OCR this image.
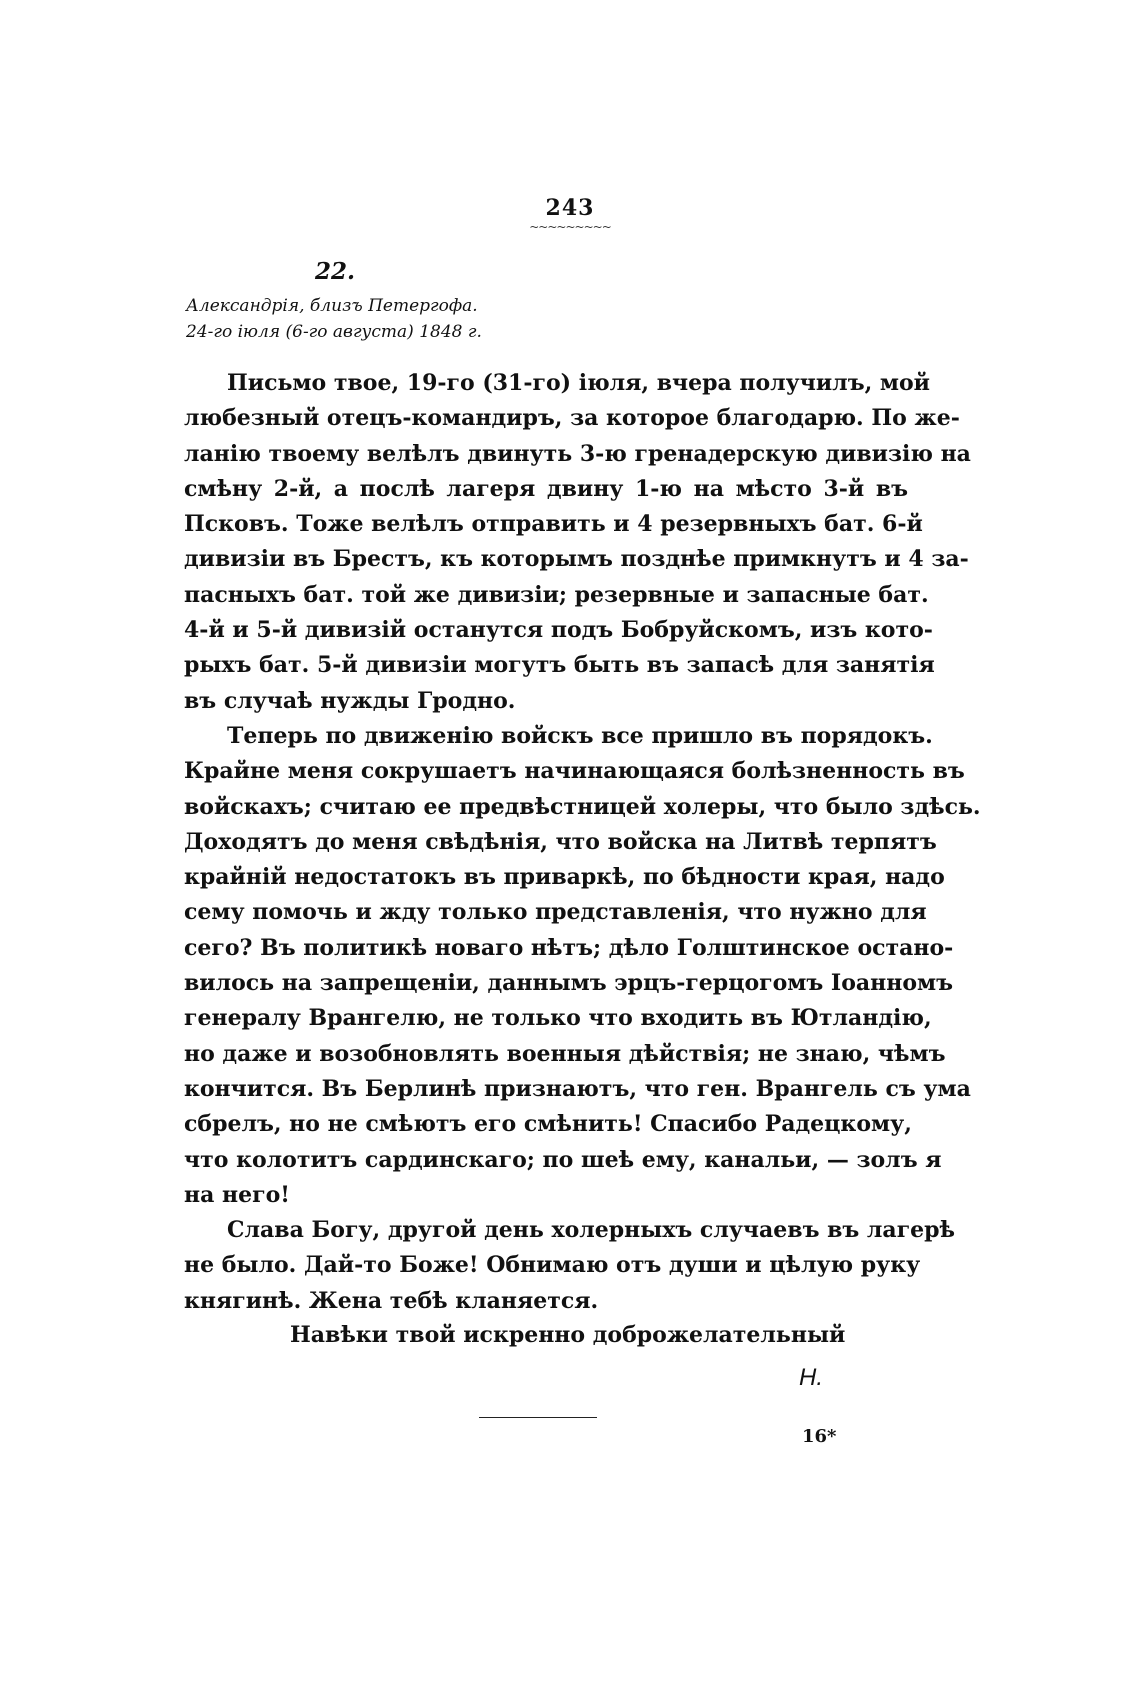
243
~~~~~~~~~
22.
Александрія, близъ Петергофа.
24-го іюля (6-го августа) 1848 г.
Письмо твое, 19-го (31-го) іюля, вчера получилъ, мой
любезный отецъ-командиръ, за которое благодарю. По же-
ланію твоему велѣлъ двинуть 3-ю гренадерскую дивизію на
смѣну 2-й, а послѣ лагеря двину 1-ю на мѣсто 3-й въ
Псковъ. Тоже велѣлъ отправить и 4 резервныхъ бат. 6-й
дивизіи въ Брестъ, къ которымъ позднѣе примкнутъ и 4 за-
пасныхъ бат. той же дивизіи; резервные и запасные бат.
4-й и 5-й дивизій останутся подъ Бобруйскомъ, изъ кото-
рыхъ бат. 5-й дивизіи могутъ быть въ запасѣ для занятія
въ случаѣ нужды Гродно.
Теперь по движенію войскъ все пришло въ порядокъ.
Крайне меня сокрушаетъ начинающаяся болѣзненность въ
войскахъ; считаю ее предвѣстницей холеры, что было здѣсь.
Доходятъ до меня свѣдѣнія, что войска на Литвѣ терпятъ
крайній недостатокъ въ приваркѣ, по бѣдности края, надо
сему помочь и жду только представленія, что нужно для
сего? Въ политикѣ новаго нѣтъ; дѣло Голштинское остано-
вилось на запрещеніи, даннымъ эрцъ-герцогомъ Іоанномъ
генералу Врангелю, не только что входить въ Ютландію,
но даже и возобновлять военныя дѣйствія; не знаю, чѣмъ
кончится. Въ Берлинѣ признаютъ, что ген. Врангель съ ума
сбрелъ, но не смѣютъ его смѣнить! Спасибо Радецкому,
что колотитъ сардинскаго; по шеѣ ему, канальи, — золъ я
на него!
Слава Богу, другой день холерныхъ случаевъ въ лагерѣ
не было. Дай-то Боже! Обнимаю отъ души и цѣлую руку
княгинѣ. Жена тебѣ кланяется.
Навѣки твой искренно доброжелательный
Н.
16*
